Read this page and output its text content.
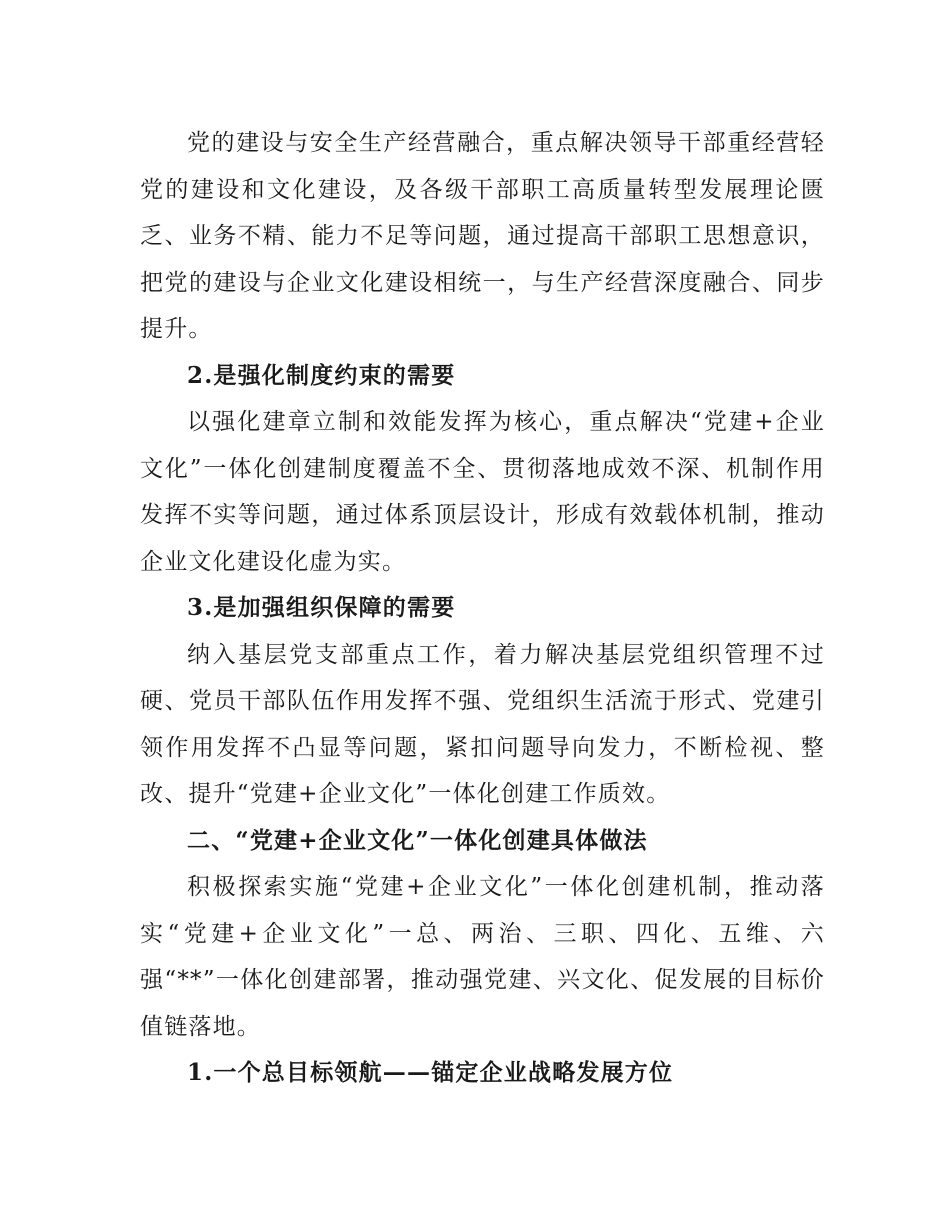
党的建设与安全生产经营融合，重点解决领导干部重经营轻党的建设和文化建设，及各级干部职工高质量转型发展理论匮乏、业务不精、能力不足等问题，通过提高干部职工思想意识，把党的建设与企业文化建设相统一，与生产经营深度融合、同步提升。

2.是强化制度约束的需要

以强化建章立制和效能发挥为核心，重点解决“党建+企业文化”一体化创建制度覆盖不全、贯彻落地成效不深、机制作用发挥不实等问题，通过体系顶层设计，形成有效载体机制，推动企业文化建设化虚为实。

3.是加强组织保障的需要

纳入基层党支部重点工作，着力解决基层党组织管理不过硬、党员干部队伍作用发挥不强、党组织生活流于形式、党建引领作用发挥不凸显等问题，紧扣问题导向发力，不断检视、整改、提升“党建+企业文化”一体化创建工作质效。

二、“党建+企业文化”一体化创建具体做法

积极探索实施“党建+企业文化”一体化创建机制，推动落实“党建+企业文化”一总、两治、三职、四化、五维、六强“**”一体化创建部署，推动强党建、兴文化、促发展的目标价值链落地。

1.一个总目标领航——锚定企业战略发展方位
